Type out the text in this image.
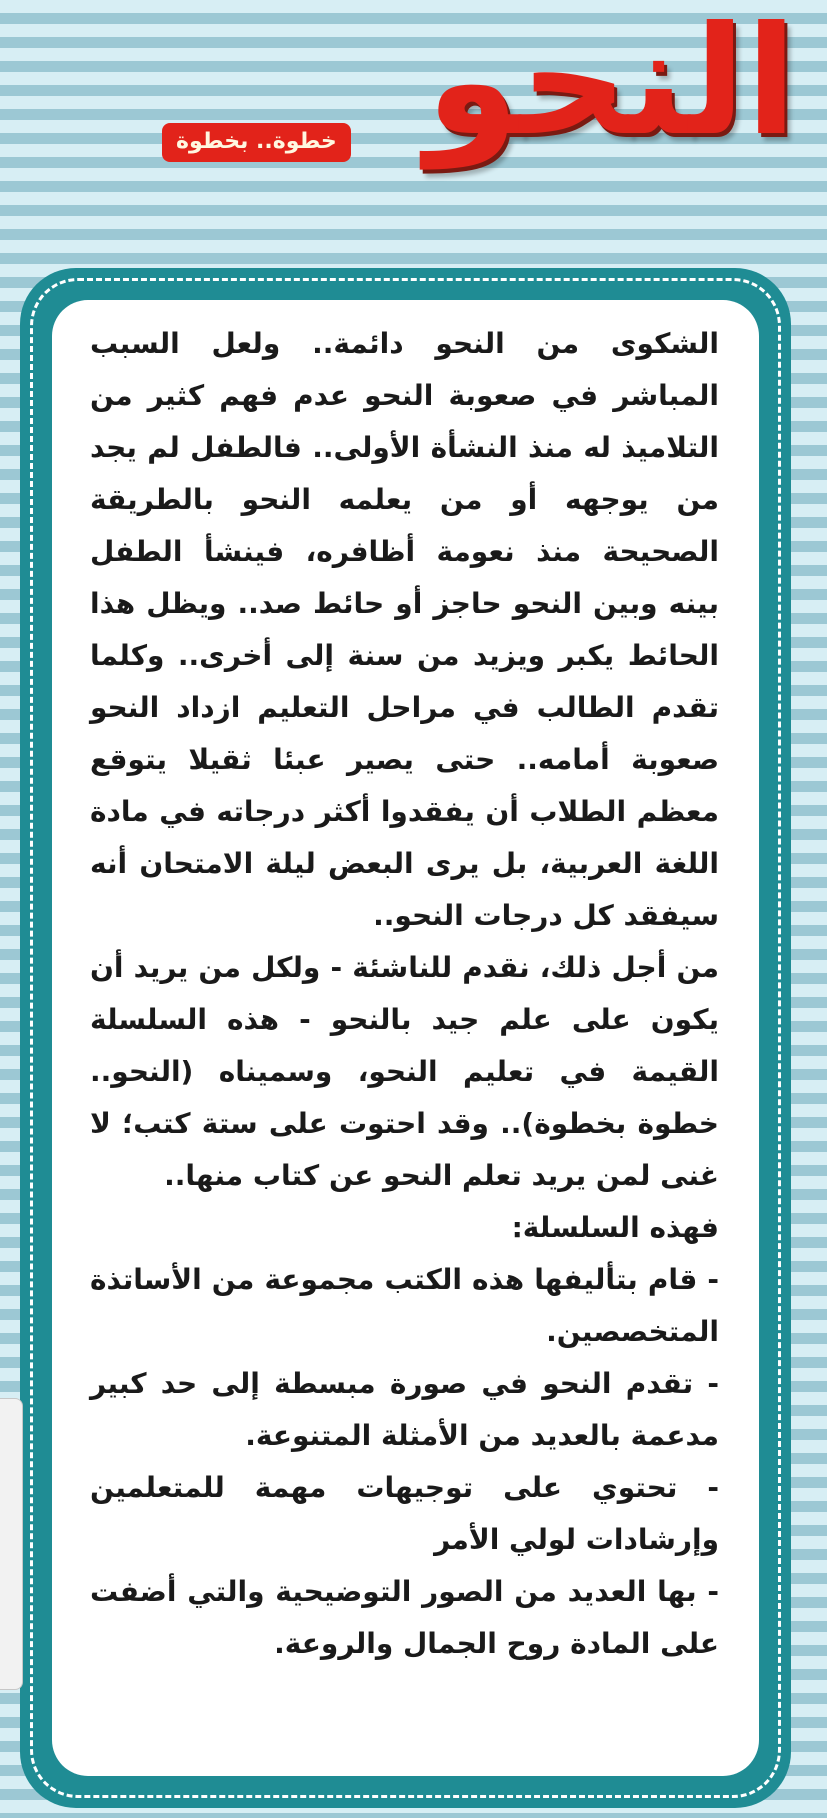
النحو
خطوة.. بخطوة

الشكوى من النحو دائمة.. ولعل السبب المباشر في صعوبة النحو عدم فهم كثير من التلاميذ له منذ النشأة الأولى.. فالطفل لم يجد من يوجهه أو من يعلمه النحو بالطريقة الصحيحة منذ نعومة أظافره، فينشأ الطفل بينه وبين النحو حاجز أو حائط صد.. ويظل هذا الحائط يكبر ويزيد من سنة إلى أخرى.. وكلما تقدم الطالب في مراحل التعليم ازداد النحو صعوبة أمامه.. حتى يصير عبئا ثقيلا يتوقع معظم الطلاب أن يفقدوا أكثر درجاته في مادة اللغة العربية، بل يرى البعض ليلة الامتحان أنه سيفقد كل درجات النحو..

من أجل ذلك، نقدم للناشئة - ولكل من يريد أن يكون على علم جيد بالنحو - هذه السلسلة القيمة في تعليم النحو، وسميناه (النحو.. خطوة بخطوة).. وقد احتوت على ستة كتب؛ لا غنى لمن يريد تعلم النحو عن كتاب منها..

فهذه السلسلة:

- قام بتأليفها هذه الكتب مجموعة من الأساتذة المتخصصين.

- تقدم النحو في صورة مبسطة إلى حد كبير مدعمة بالعديد من الأمثلة المتنوعة.

- تحتوي على توجيهات مهمة للمتعلمين وإرشادات لولي الأمر

- بها العديد من الصور التوضيحية والتي أضفت على المادة روح الجمال والروعة.
